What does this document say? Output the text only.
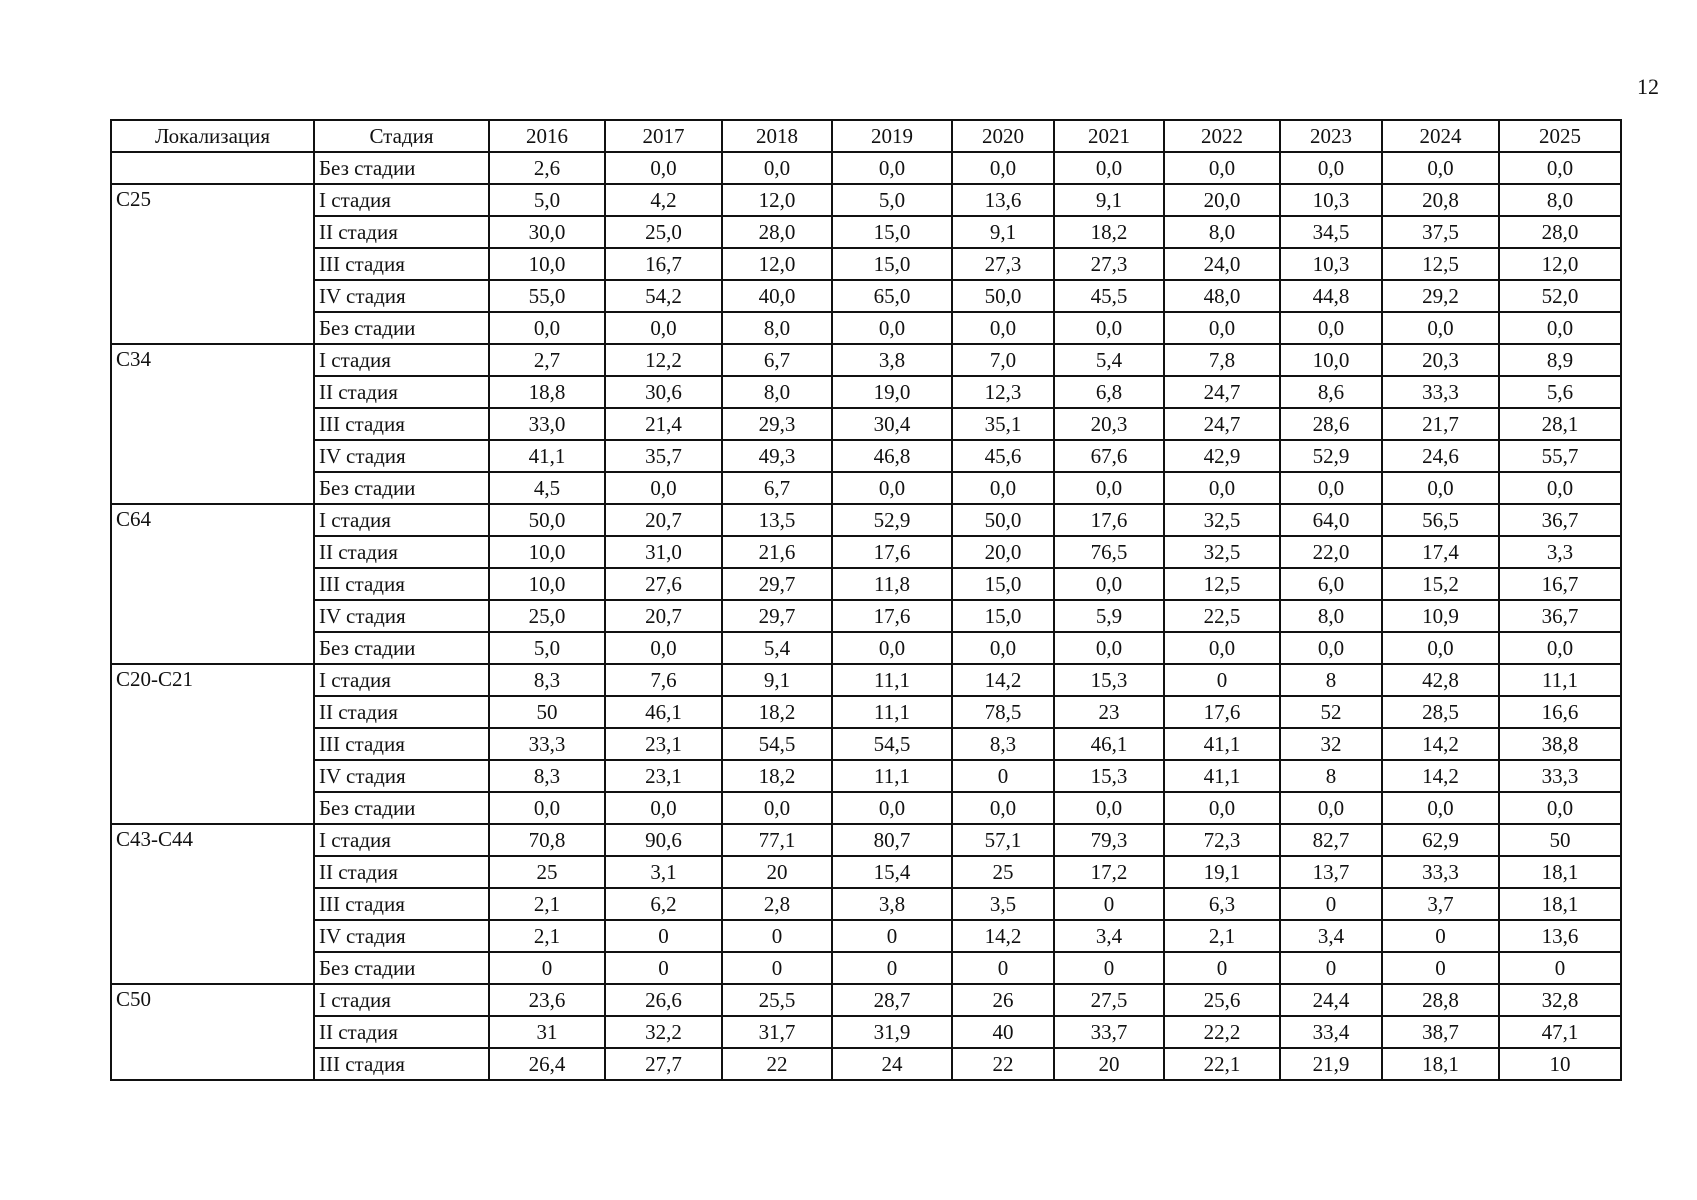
12
Локализация	Стадия	2016	2017	2018	2019	2020	2021	2022	2023	2024	2025
	Без стадии	2,6	0,0	0,0	0,0	0,0	0,0	0,0	0,0	0,0	0,0
C25	I стадия	5,0	4,2	12,0	5,0	13,6	9,1	20,0	10,3	20,8	8,0
	II стадия	30,0	25,0	28,0	15,0	9,1	18,2	8,0	34,5	37,5	28,0
	III стадия	10,0	16,7	12,0	15,0	27,3	27,3	24,0	10,3	12,5	12,0
	IV стадия	55,0	54,2	40,0	65,0	50,0	45,5	48,0	44,8	29,2	52,0
	Без стадии	0,0	0,0	8,0	0,0	0,0	0,0	0,0	0,0	0,0	0,0
C34	I стадия	2,7	12,2	6,7	3,8	7,0	5,4	7,8	10,0	20,3	8,9
	II стадия	18,8	30,6	8,0	19,0	12,3	6,8	24,7	8,6	33,3	5,6
	III стадия	33,0	21,4	29,3	30,4	35,1	20,3	24,7	28,6	21,7	28,1
	IV стадия	41,1	35,7	49,3	46,8	45,6	67,6	42,9	52,9	24,6	55,7
	Без стадии	4,5	0,0	6,7	0,0	0,0	0,0	0,0	0,0	0,0	0,0
C64	I стадия	50,0	20,7	13,5	52,9	50,0	17,6	32,5	64,0	56,5	36,7
	II стадия	10,0	31,0	21,6	17,6	20,0	76,5	32,5	22,0	17,4	3,3
	III стадия	10,0	27,6	29,7	11,8	15,0	0,0	12,5	6,0	15,2	16,7
	IV стадия	25,0	20,7	29,7	17,6	15,0	5,9	22,5	8,0	10,9	36,7
	Без стадии	5,0	0,0	5,4	0,0	0,0	0,0	0,0	0,0	0,0	0,0
C20-C21	I стадия	8,3	7,6	9,1	11,1	14,2	15,3	0	8	42,8	11,1
	II стадия	50	46,1	18,2	11,1	78,5	23	17,6	52	28,5	16,6
	III стадия	33,3	23,1	54,5	54,5	8,3	46,1	41,1	32	14,2	38,8
	IV стадия	8,3	23,1	18,2	11,1	0	15,3	41,1	8	14,2	33,3
	Без стадии	0,0	0,0	0,0	0,0	0,0	0,0	0,0	0,0	0,0	0,0
C43-C44	I стадия	70,8	90,6	77,1	80,7	57,1	79,3	72,3	82,7	62,9	50
	II стадия	25	3,1	20	15,4	25	17,2	19,1	13,7	33,3	18,1
	III стадия	2,1	6,2	2,8	3,8	3,5	0	6,3	0	3,7	18,1
	IV стадия	2,1	0	0	0	14,2	3,4	2,1	3,4	0	13,6
	Без стадии	0	0	0	0	0	0	0	0	0	0
C50	I стадия	23,6	26,6	25,5	28,7	26	27,5	25,6	24,4	28,8	32,8
	II стадия	31	32,2	31,7	31,9	40	33,7	22,2	33,4	38,7	47,1
	III стадия	26,4	27,7	22	24	22	20	22,1	21,9	18,1	10
